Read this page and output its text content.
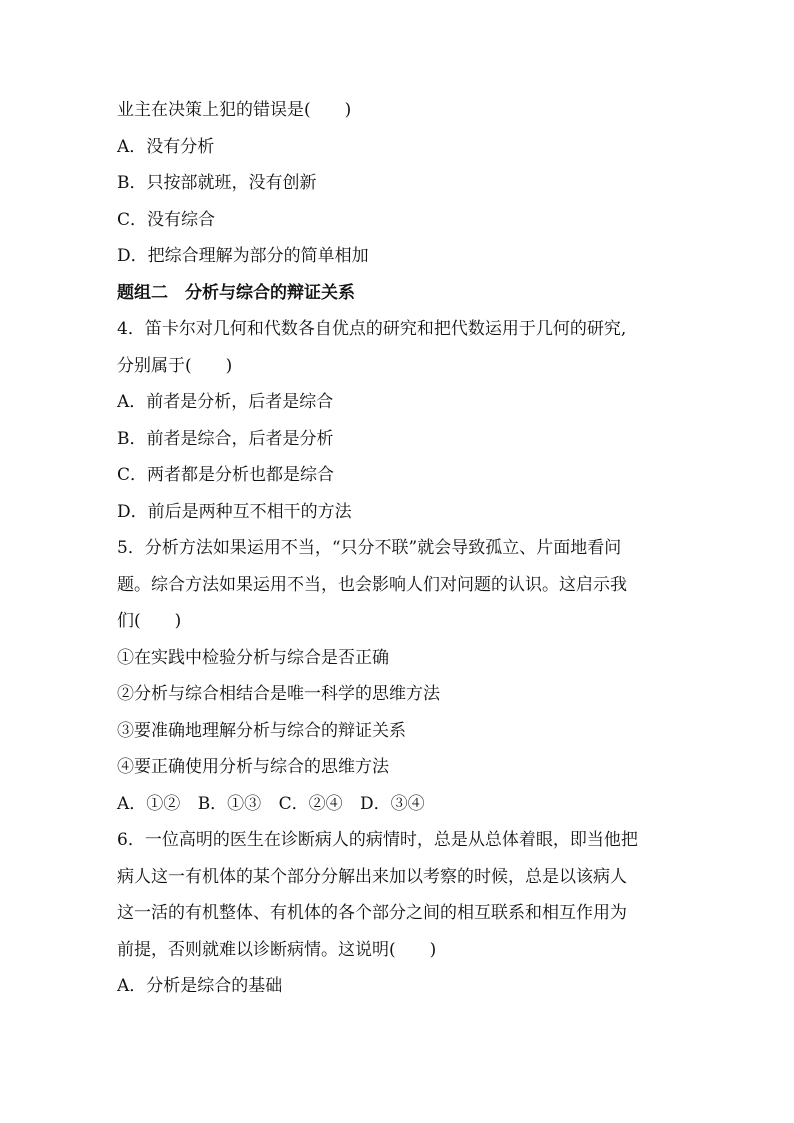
业主在决策上犯的错误是(　　)
A．没有分析
B．只按部就班，没有创新
C．没有综合
D．把综合理解为部分的简单相加
题组二　分析与综合的辩证关系
4．笛卡尔对几何和代数各自优点的研究和把代数运用于几何的研究,
分别属于(　　)
A．前者是分析，后者是综合
B．前者是综合，后者是分析
C．两者都是分析也都是综合
D．前后是两种互不相干的方法
5．分析方法如果运用不当，“只分不联”就会导致孤立、片面地看问
题。综合方法如果运用不当，也会影响人们对问题的认识。这启示我
们(　　)
①在实践中检验分析与综合是否正确
②分析与综合相结合是唯一科学的思维方法
③要准确地理解分析与综合的辩证关系
④要正确使用分析与综合的思维方法
A．①② B．①③ C．②④ D．③④
6．一位高明的医生在诊断病人的病情时，总是从总体着眼，即当他把
病人这一有机体的某个部分分解出来加以考察的时候，总是以该病人
这一活的有机整体、有机体的各个部分之间的相互联系和相互作用为
前提，否则就难以诊断病情。这说明(　　)
A．分析是综合的基础
